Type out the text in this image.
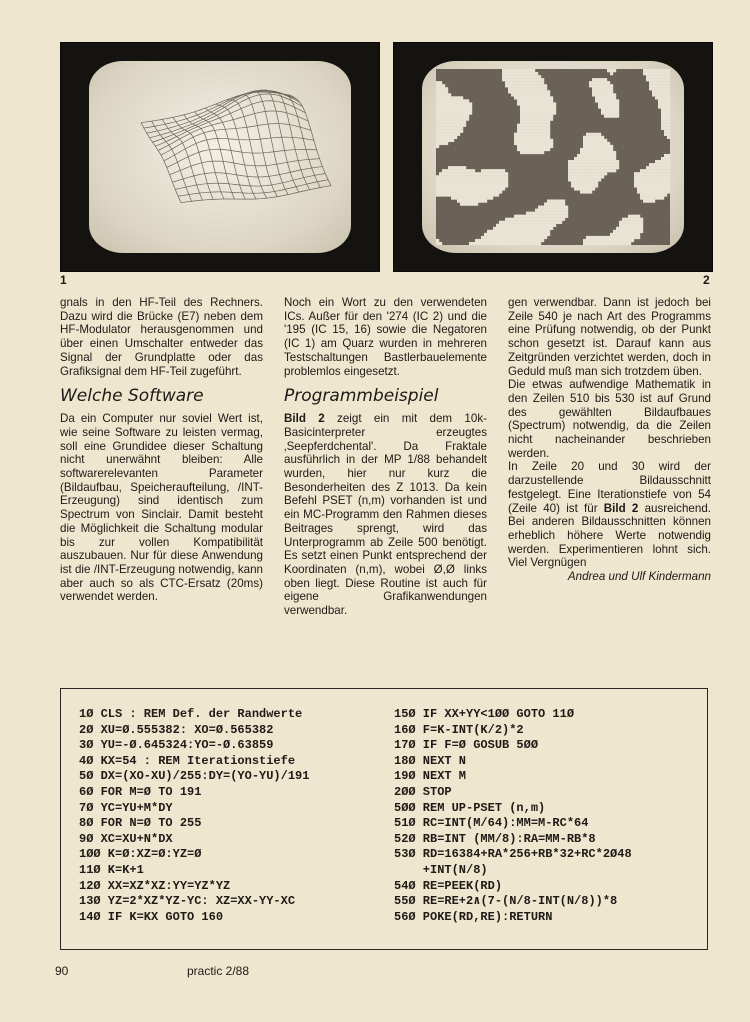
1	2

gnals in den HF-Teil des Rechners. Dazu wird die Brücke (E7) neben dem HF-Modulator herausgenommen und über einen Umschalter entweder das Signal der Grundplatte oder das Grafiksignal dem HF-Teil zugeführt.

Welche Software

Da ein Computer nur soviel Wert ist, wie seine Software zu leisten vermag, soll eine Grundidee dieser Schaltung nicht unerwähnt bleiben: Alle softwarerelevanten Parameter (Bildaufbau, Speicheraufteilung, /INT-Erzeugung) sind identisch zum Spectrum von Sinclair. Damit besteht die Möglichkeit die Schaltung modular bis zur vollen Kompatibilität auszubauen. Nur für diese Anwendung ist die /INT-Erzeugung notwendig, kann aber auch so als CTC-Ersatz (20ms) verwendet werden.

Noch ein Wort zu den verwendeten ICs. Außer für den '274 (IC 2) und die '195 (IC 15, 16) sowie die Negatoren (IC 1) am Quarz wurden in mehreren Testschaltungen Bastlerbauelemente problemlos eingesetzt.

Programmbeispiel

Bild 2 zeigt ein mit dem 10k-Basicinterpreter erzeugtes ‚Seepferdchental'. Da Fraktale ausführlich in der MP 1/88 behandelt wurden, hier nur kurz die Besonderheiten des Z 1013. Da kein Befehl PSET (n,m) vorhanden ist und ein MC-Programm den Rahmen dieses Beitrages sprengt, wird das Unterprogramm ab Zeile 500 benötigt. Es setzt einen Punkt entsprechend der Koordinaten (n,m), wobei Ø,Ø links oben liegt. Diese Routine ist auch für eigene Grafikanwendungen verwendbar.

gen verwendbar. Dann ist jedoch bei Zeile 540 je nach Art des Programms eine Prüfung notwendig, ob der Punkt schon gesetzt ist. Darauf kann aus Zeitgründen verzichtet werden, doch in Geduld muß man sich trotzdem üben.

Die etwas aufwendige Mathematik in den Zeilen 510 bis 530 ist auf Grund des gewählten Bildaufbaues (Spectrum) notwendig, da die Zeilen nicht nacheinander beschrieben werden.

In Zeile 20 und 30 wird der darzustellende Bildausschnitt festgelegt. Eine Iterationstiefe von 54 (Zeile 40) ist für Bild 2 ausreichend. Bei anderen Bildausschnitten können erheblich höhere Werte notwendig werden. Experimentieren lohnt sich. Viel Vergnügen

Andrea und Ulf Kindermann

1Ø CLS : REM Def. der Randwerte
2Ø XU=Ø.555382: XO=Ø.565382
3Ø YU=-Ø.645324:YO=-Ø.63859
4Ø KX=54 : REM Iterationstiefe
5Ø DX=(XO-XU)/255:DY=(YO-YU)/191
6Ø FOR M=Ø TO 191
7Ø YC=YU+M*DY
8Ø FOR N=Ø TO 255
9Ø XC=XU+N*DX
1ØØ K=Ø:XZ=Ø:YZ=Ø
11Ø K=K+1
12Ø XX=XZ*XZ:YY=YZ*YZ
13Ø YZ=2*XZ*YZ-YC: XZ=XX-YY-XC
14Ø IF K=KX GOTO 160
15Ø IF XX+YY<1ØØ GOTO 11Ø
16Ø F=K-INT(K/2)*2
17Ø IF F=Ø GOSUB 5ØØ
18Ø NEXT N
19Ø NEXT M
2ØØ STOP
5ØØ REM UP-PSET (n,m)
51Ø RC=INT(M/64):MM=M-RC*64
52Ø RB=INT (MM/8):RA=MM-RB*8
53Ø RD=16384+RA*256+RB*32+RC*2Ø48
+INT(N/8)
54Ø RE=PEEK(RD)
55Ø RE=RE+2∧(7-(N/8-INT(N/8))*8
56Ø POKE(RD,RE):RETURN
90	practic 2/88
